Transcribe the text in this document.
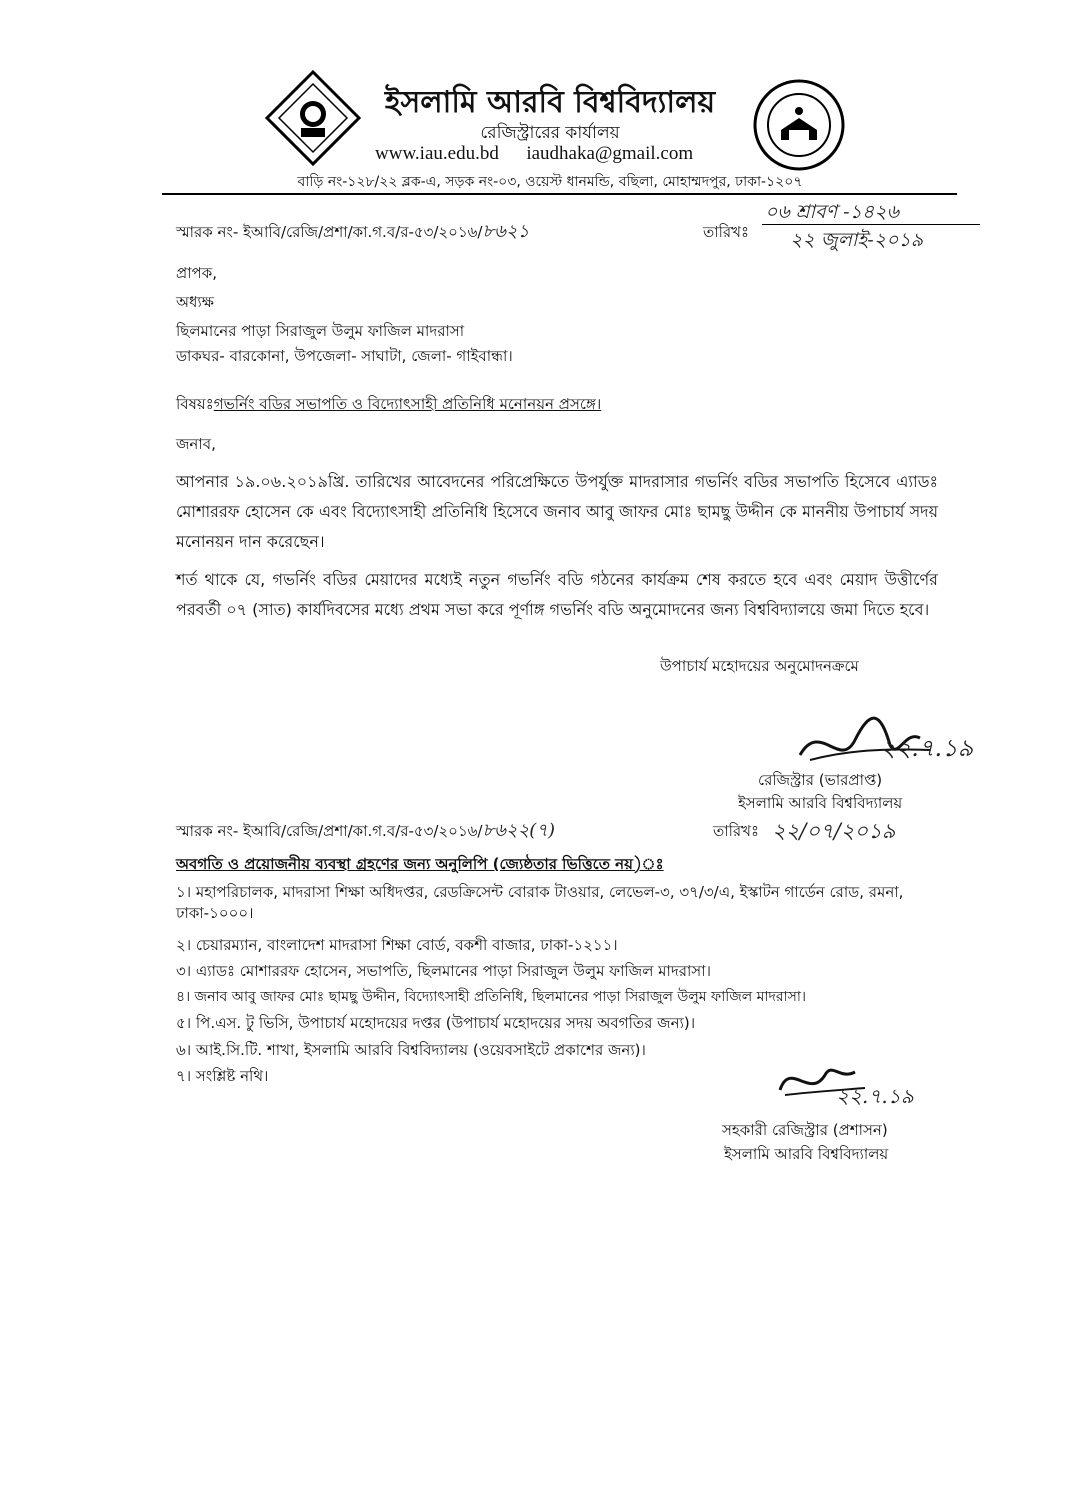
ইসলামি আরবি বিশ্ববিদ্যালয়
রেজিস্ট্রারের কার্যালয়
www.iau.edu.bd iaudhaka@gmail.com
বাড়ি নং-১২৮/২২ ব্লক-এ, সড়ক নং-০৩, ওয়েস্ট ধানমন্ডি, বছিলা, মোহাম্মদপুর, ঢাকা-১২০৭
স্মারক নং- ইআবি/রেজি/প্রশা/কা.গ.ব/র-৫৩/২০১৬/৮৬২১	তারিখঃ
০৬ শ্রাবণ -১৪২৬
২২ জুলাই-২০১৯
প্রাপক,
অধ্যক্ষ
ছিলমানের পাড়া সিরাজুল উলুম ফাজিল মাদরাসা
ডাকঘর- বারকোনা, উপজেলা- সাঘাটা, জেলা- গাইবান্ধা।
বিষয়ঃগভর্নিং বডির সভাপতি ও বিদ্যোৎসাহী প্রতিনিধি মনোনয়ন প্রসঙ্গে।
জনাব,
আপনার ১৯.০৬.২০১৯খ্রি. তারিখের আবেদনের পরিপ্রেক্ষিতে উপর্যুক্ত মাদরাসার গভর্নিং বডির সভাপতি হিসেবে এ্যাডঃ মোশাররফ হোসেন কে এবং বিদ্যোৎসাহী প্রতিনিধি হিসেবে জনাব আবু জাফর মোঃ ছামছু উদ্দীন কে মাননীয় উপাচার্য সদয় মনোনয়ন দান করেছেন।
শর্ত থাকে যে, গভর্নিং বডির মেয়াদের মধ্যেই নতুন গভর্নিং বডি গঠনের কার্যক্রম শেষ করতে হবে এবং মেয়াদ উত্তীর্ণের পরবর্তী ০৭ (সাত) কার্যদিবসের মধ্যে প্রথম সভা করে পূর্ণাঙ্গ গভর্নিং বডি অনুমোদনের জন্য বিশ্ববিদ্যালয়ে জমা দিতে হবে।
উপাচার্য মহোদয়ের অনুমোদনক্রমে
২২.৭.১৯
রেজিস্ট্রার (ভারপ্রাপ্ত)
ইসলামি আরবি বিশ্ববিদ্যালয়
স্মারক নং- ইআবি/রেজি/প্রশা/কা.গ.ব/র-৫৩/২০১৬/৮৬২২(৭)	তারিখঃ ২২/০৭/২০১৯
অবগতি ও প্রয়োজনীয় ব্যবস্থা গ্রহণের জন্য অনুলিপি (জ্যেষ্ঠতার ভিত্তিতে নয়)ঃ
১। মহাপরিচালক, মাদরাসা শিক্ষা অধিদপ্তর, রেডক্রিসেন্ট বোরাক টাওয়ার, লেভেল-৩, ৩৭/৩/এ, ইস্কাটন গার্ডেন রোড, রমনা, ঢাকা-১০০০।
২। চেয়ারম্যান, বাংলাদেশ মাদরাসা শিক্ষা বোর্ড, বকশী বাজার, ঢাকা-১২১১।
৩। এ্যাডঃ মোশাররফ হোসেন, সভাপতি, ছিলমানের পাড়া সিরাজুল উলুম ফাজিল মাদরাসা।
৪। জনাব আবু জাফর মোঃ ছামছু উদ্দীন, বিদ্যোৎসাহী প্রতিনিধি, ছিলমানের পাড়া সিরাজুল উলুম ফাজিল মাদরাসা।
৫। পি.এস. টু ভিসি, উপাচার্য মহোদয়ের দপ্তর (উপাচার্য মহোদয়ের সদয় অবগতির জন্য)।
৬। আই.সি.টি. শাখা, ইসলামি আরবি বিশ্ববিদ্যালয় (ওয়েবসাইটে প্রকাশের জন্য)।
৭। সংশ্লিষ্ট নথি।
২২.৭.১৯
সহকারী রেজিস্ট্রার (প্রশাসন)
ইসলামি আরবি বিশ্ববিদ্যালয়
